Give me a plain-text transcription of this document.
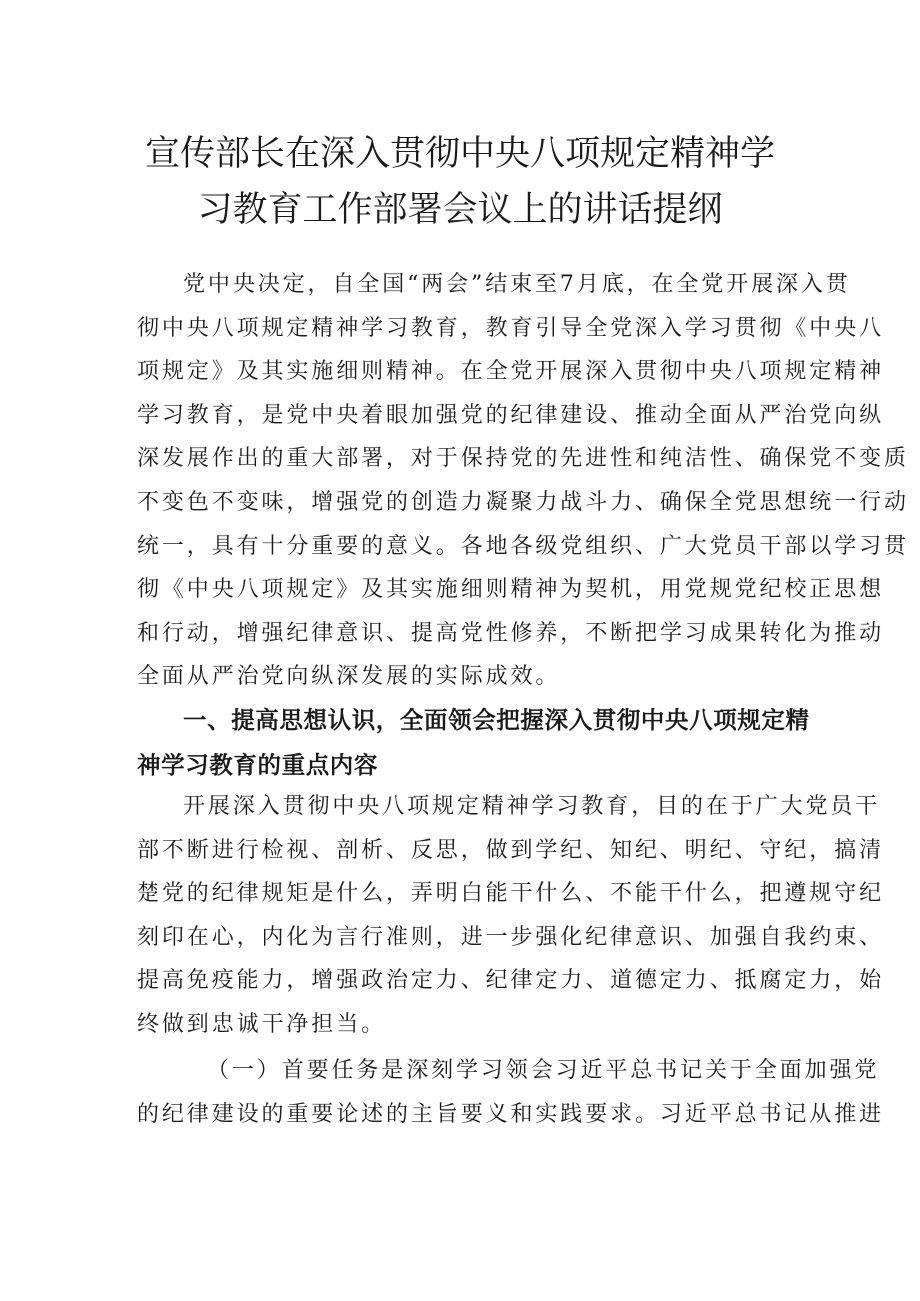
宣传部长在深入贯彻中央八项规定精神学
习教育工作部署会议上的讲话提纲
党中央决定，自全国“两会”结束至7月底，在全党开展深入贯
彻中央八项规定精神学习教育，教育引导全党深入学习贯彻《中央八
项规定》及其实施细则精神。在全党开展深入贯彻中央八项规定精神
学习教育，是党中央着眼加强党的纪律建设、推动全面从严治党向纵
深发展作出的重大部署，对于保持党的先进性和纯洁性、确保党不变质
不变色不变味，增强党的创造力凝聚力战斗力、确保全党思想统一行动
统一，具有十分重要的意义。各地各级党组织、广大党员干部以学习贯
彻《中央八项规定》及其实施细则精神为契机，用党规党纪校正思想
和行动，增强纪律意识、提高党性修养，不断把学习成果转化为推动
全面从严治党向纵深发展的实际成效。
一、提高思想认识，全面领会把握深入贯彻中央八项规定精
神学习教育的重点内容
开展深入贯彻中央八项规定精神学习教育，目的在于广大党员干
部不断进行检视、剖析、反思，做到学纪、知纪、明纪、守纪，搞清
楚党的纪律规矩是什么，弄明白能干什么、不能干什么，把遵规守纪
刻印在心，内化为言行准则，进一步强化纪律意识、加强自我约束、
提高免疫能力，增强政治定力、纪律定力、道德定力、抵腐定力，始
终做到忠诚干净担当。
（一）首要任务是深刻学习领会习近平总书记关于全面加强党
的纪律建设的重要论述的主旨要义和实践要求。习近平总书记从推进
